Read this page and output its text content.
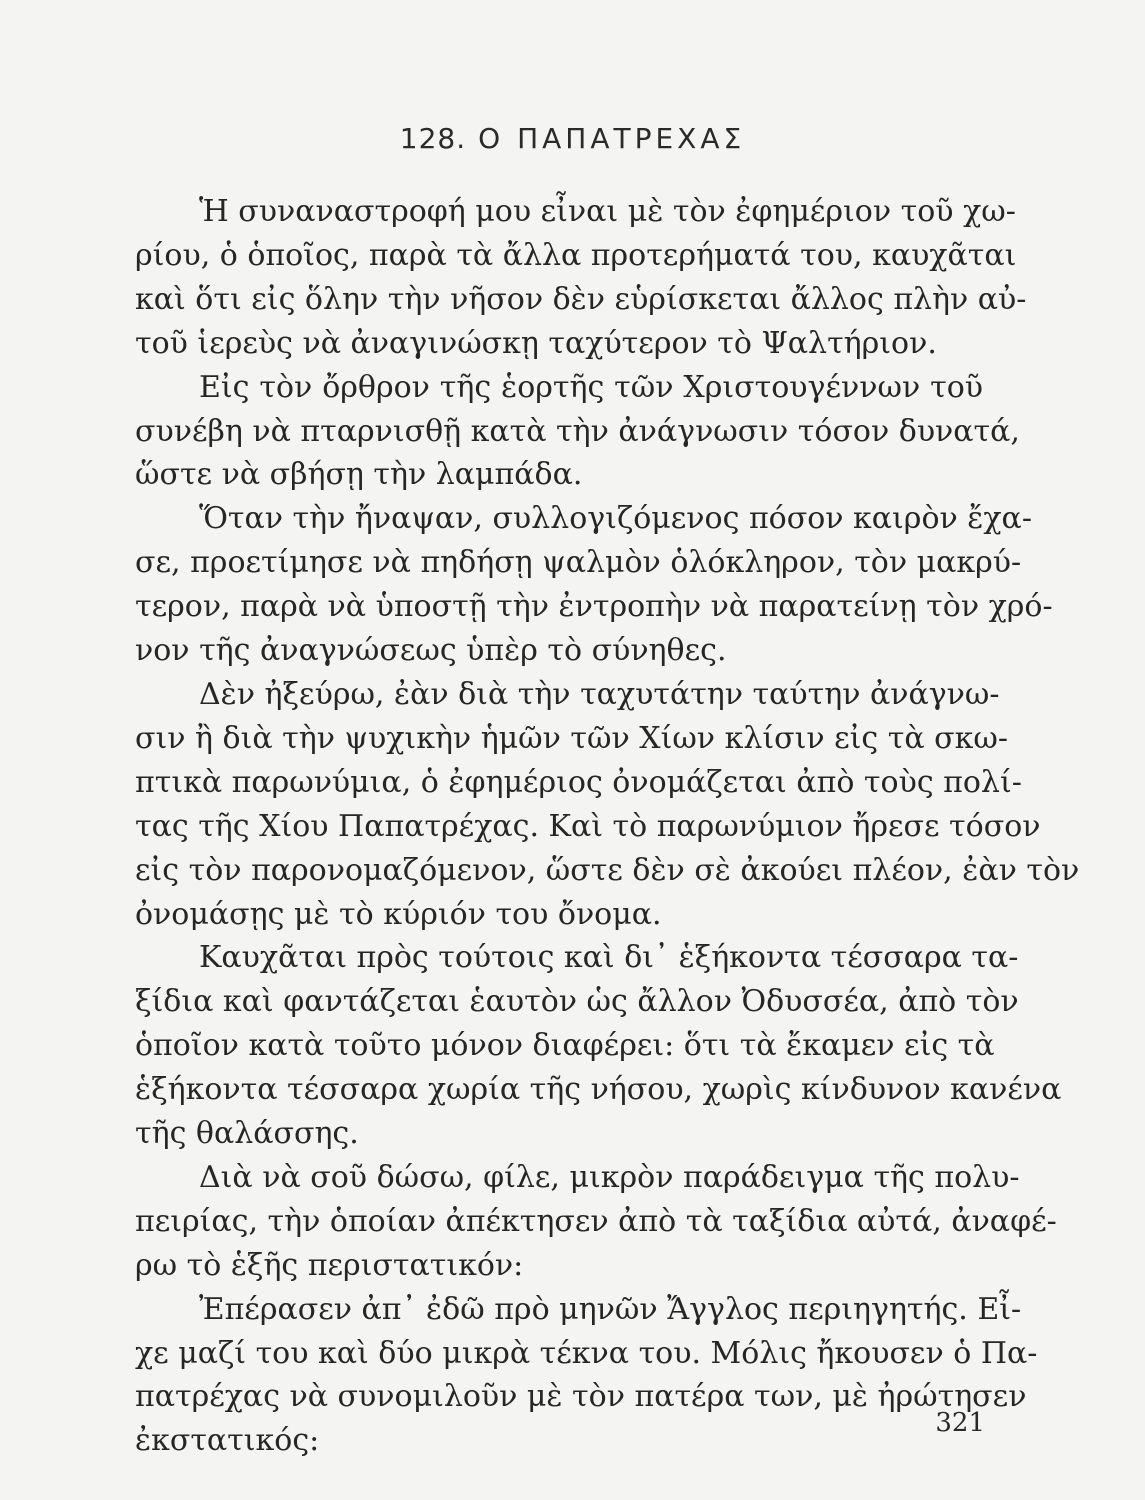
128. Ο ΠΑΠΑΤΡΕΧΑΣ
Ἡ συναναστροφή μου εἶναι μὲ τὸν ἐφημέριον τοῦ χω-
ρίου, ὁ ὁποῖος, παρὰ τὰ ἄλλα προτερήματά του, καυχᾶται
καὶ ὅτι εἰς ὅλην τὴν νῆσον δὲν εὑρίσκεται ἄλλος πλὴν αὐ-
τοῦ ἱερεὺς νὰ ἀναγινώσκῃ ταχύτερον τὸ Ψαλτήριον.
Εἰς τὸν ὄρθρον τῆς ἑορτῆς τῶν Χριστουγέννων τοῦ
συνέβη νὰ πταρνισθῇ κατὰ τὴν ἀνάγνωσιν τόσον δυνατά,
ὥστε νὰ σβήσῃ τὴν λαμπάδα.
Ὅταν τὴν ἤναψαν, συλλογιζόμενος πόσον καιρὸν ἔχα-
σε, προετίμησε νὰ πηδήσῃ ψαλμὸν ὁλόκληρον, τὸν μακρύ-
τερον, παρὰ νὰ ὑποστῇ τὴν ἐντροπὴν νὰ παρατείνῃ τὸν χρό-
νον τῆς ἀναγνώσεως ὑπὲρ τὸ σύνηθες.
Δὲν ἠξεύρω, ἐὰν διὰ τὴν ταχυτάτην ταύτην ἀνάγνω-
σιν ἢ διὰ τὴν ψυχικὴν ἡμῶν τῶν Χίων κλίσιν εἰς τὰ σκω-
πτικὰ παρωνύμια, ὁ ἐφημέριος ὀνομάζεται ἀπὸ τοὺς πολί-
τας τῆς Χίου Παπατρέχας. Καὶ τὸ παρωνύμιον ἤρεσε τόσον
εἰς τὸν παρονομαζόμενον, ὥστε δὲν σὲ ἀκούει πλέον, ἐὰν τὸν
ὀνομάσῃς μὲ τὸ κύριόν του ὄνομα.
Καυχᾶται πρὸς τούτοις καὶ δι᾽ ἑξήκοντα τέσσαρα τα-
ξίδια καὶ φαντάζεται ἑαυτὸν ὡς ἄλλον Ὀδυσσέα, ἀπὸ τὸν
ὁποῖον κατὰ τοῦτο μόνον διαφέρει: ὅτι τὰ ἔκαμεν εἰς τὰ
ἑξήκοντα τέσσαρα χωρία τῆς νήσου, χωρὶς κίνδυνον κανένα
τῆς θαλάσσης.
Διὰ νὰ σοῦ δώσω, φίλε, μικρὸν παράδειγμα τῆς πολυ-
πειρίας, τὴν ὁποίαν ἀπέκτησεν ἀπὸ τὰ ταξίδια αὐτά, ἀναφέ-
ρω τὸ ἑξῆς περιστατικόν:
Ἐπέρασεν ἀπ᾽ ἐδῶ πρὸ μηνῶν Ἄγγλος περιηγητής. Εἶ-
χε μαζί του καὶ δύο μικρὰ τέκνα του. Μόλις ἤκουσεν ὁ Πα-
πατρέχας νὰ συνομιλοῦν μὲ τὸν πατέρα των, μὲ ἠρώτησεν
ἐκστατικός:
321
